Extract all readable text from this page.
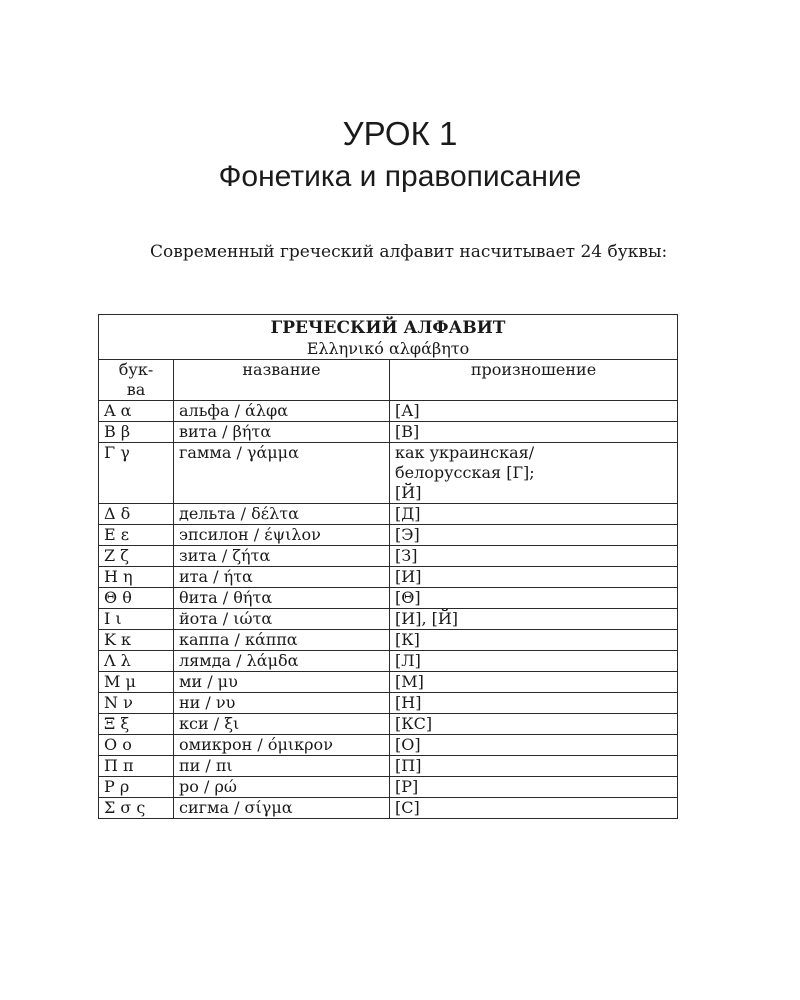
УРОК 1
Фонетика и правописание

Современный греческий алфавит насчитывает 24 буквы:

ГРЕЧЕСКИЙ АЛФАВИТ
Ελληνικό αλφάβητο		

бук-
ва	название	произношение
Α α	альфа / άλφα	[А]

Β β	вита / βήτα	[В]

Γ γ	гамма / γάμμα	как украинская/
белорусская [Г];
[Й]

Δ δ	дельта / δέλτα	[Д]

Ε ε	эпсилон / έψιλον	[Э]

Ζ ζ	зита / ζήτα	[З]

Η η	ита / ήτα	[И]

Θ θ	θита / θήτα	[Θ]

Ι ι	йота / ιώτα	[И], [Й]

Κ κ	каппа / κάππα	[К]

Λ λ	лямда / λάμδα	[Л]

Μ μ	ми / μυ	[М]

Ν ν	ни / νυ	[Н]

Ξ ξ	кси / ξι	[КС]

Ο ο	омикрон / όμικρον	[О]

Π π	пи / πι	[П]

Ρ ρ	ро / ρώ	[Р]

Σ σ ς	сигма / σίγμα	[С]
